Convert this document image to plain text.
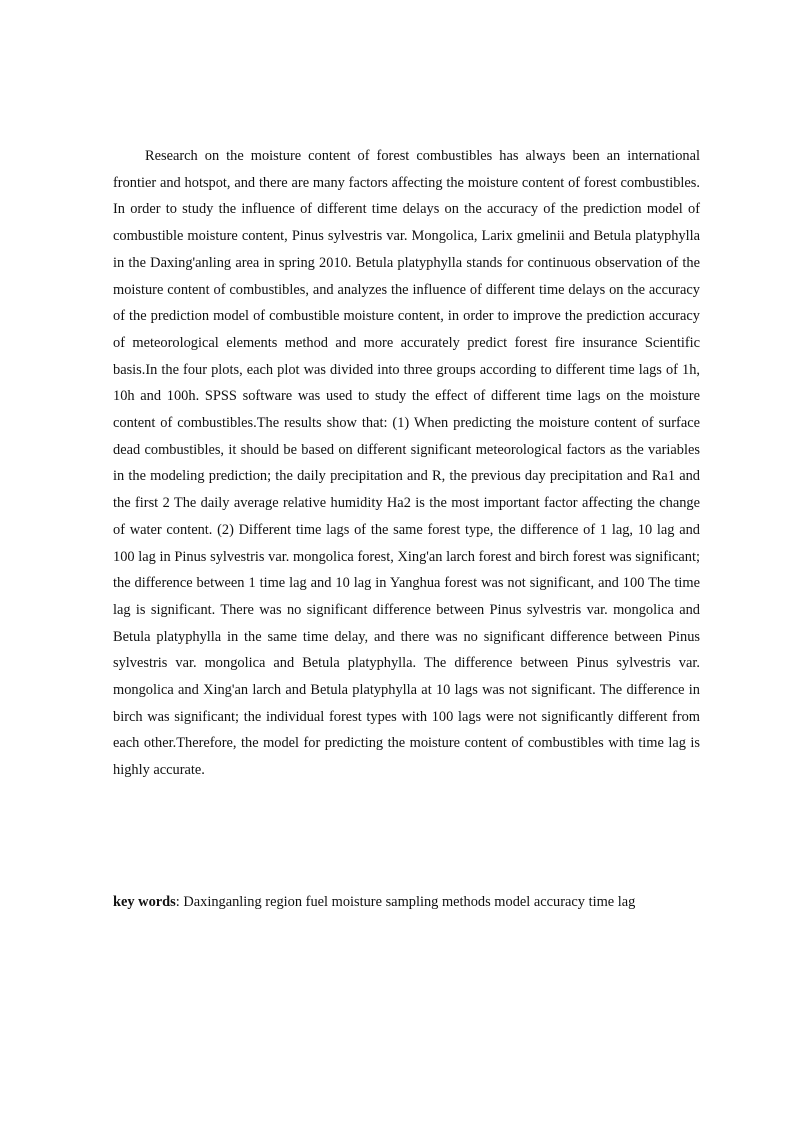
Research on the moisture content of forest combustibles has always been an international frontier and hotspot, and there are many factors affecting the moisture content of forest combustibles. In order to study the influence of different time delays on the accuracy of the prediction model of combustible moisture content, Pinus sylvestris var. Mongolica, Larix gmelinii and Betula platyphylla in the Daxing'anling area in spring 2010. Betula platyphylla stands for continuous observation of the moisture content of combustibles, and analyzes the influence of different time delays on the accuracy of the prediction model of combustible moisture content, in order to improve the prediction accuracy of meteorological elements method and more accurately predict forest fire insurance Scientific basis.In the four plots, each plot was divided into three groups according to different time lags of 1h, 10h and 100h. SPSS software was used to study the effect of different time lags on the moisture content of combustibles.The results show that: (1) When predicting the moisture content of surface dead combustibles, it should be based on different significant meteorological factors as the variables in the modeling prediction; the daily precipitation and R, the previous day precipitation and Ra1 and the first 2 The daily average relative humidity Ha2 is the most important factor affecting the change of water content. (2) Different time lags of the same forest type, the difference of 1 lag, 10 lag and 100 lag in Pinus sylvestris var. mongolica forest, Xing'an larch forest and birch forest was significant; the difference between 1 time lag and 10 lag in Yanghua forest was not significant, and 100 The time lag is significant. There was no significant difference between Pinus sylvestris var. mongolica and Betula platyphylla in the same time delay, and there was no significant difference between Pinus sylvestris var. mongolica and Betula platyphylla. The difference between Pinus sylvestris var. mongolica and Xing'an larch and Betula platyphylla at 10 lags was not significant. The difference in birch was significant; the individual forest types with 100 lags were not significantly different from each other.Therefore, the model for predicting the moisture content of combustibles with time lag is highly accurate.

key words: Daxinganling region fuel moisture sampling methods model accuracy time lag
